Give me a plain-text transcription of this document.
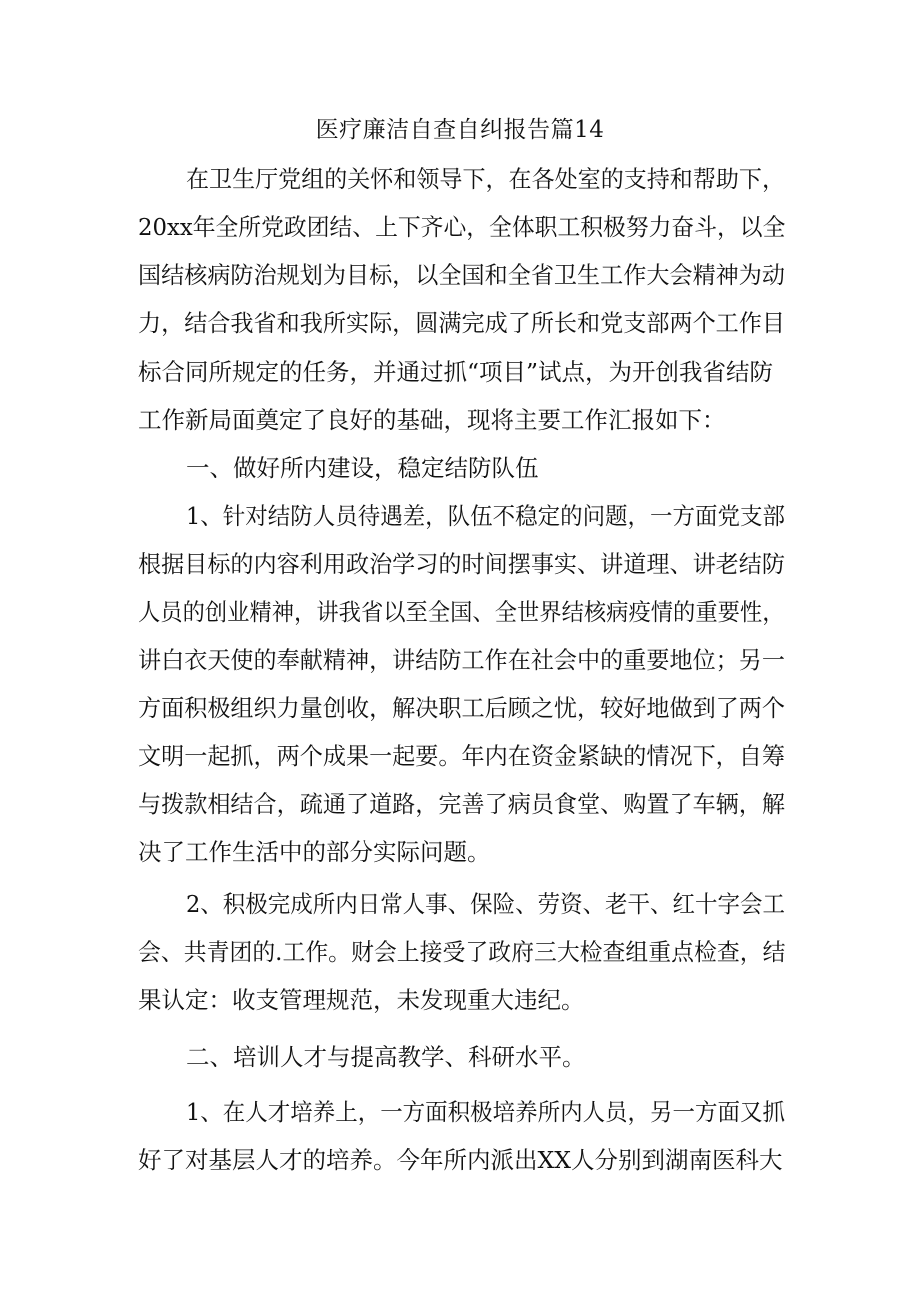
医疗廉洁自查自纠报告篇14
在卫生厅党组的关怀和领导下，在各处室的支持和帮助下，
20xx年全所党政团结、上下齐心，全体职工积极努力奋斗，以全
国结核病防治规划为目标，以全国和全省卫生工作大会精神为动
力，结合我省和我所实际，圆满完成了所长和党支部两个工作目
标合同所规定的任务，并通过抓“项目”试点，为开创我省结防
工作新局面奠定了良好的基础，现将主要工作汇报如下：
一、做好所内建设，稳定结防队伍
1、针对结防人员待遇差，队伍不稳定的问题，一方面党支部
根据目标的内容利用政治学习的时间摆事实、讲道理、讲老结防
人员的创业精神，讲我省以至全国、全世界结核病疫情的重要性，
讲白衣天使的奉献精神，讲结防工作在社会中的重要地位；另一
方面积极组织力量创收，解决职工后顾之忧，较好地做到了两个
文明一起抓，两个成果一起要。年内在资金紧缺的情况下，自筹
与拨款相结合，疏通了道路，完善了病员食堂、购置了车辆，解
决了工作生活中的部分实际问题。
2、积极完成所内日常人事、保险、劳资、老干、红十字会工
会、共青团的.工作。财会上接受了政府三大检查组重点检查，结
果认定：收支管理规范，未发现重大违纪。
二、培训人才与提高教学、科研水平。
1、在人才培养上，一方面积极培养所内人员，另一方面又抓
好了对基层人才的培养。今年所内派出XX人分别到湖南医科大
